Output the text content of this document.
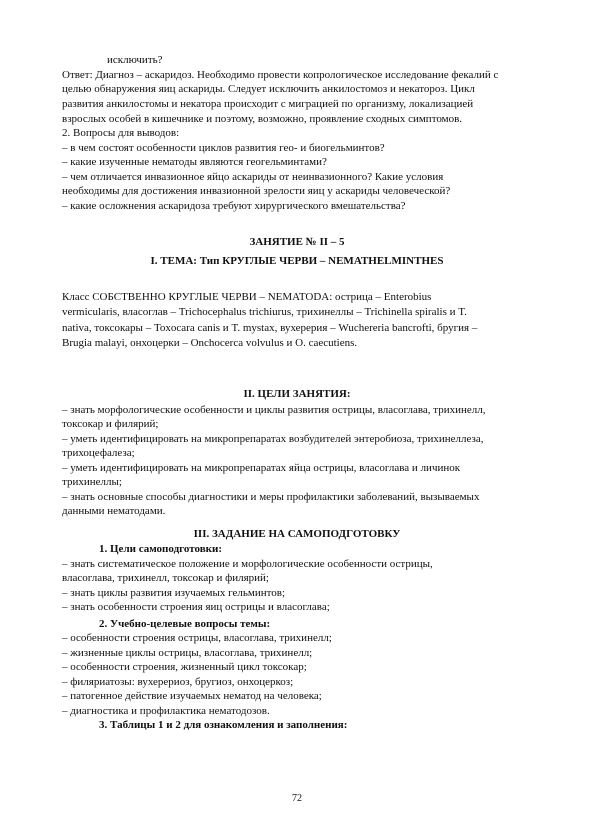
исключить?
Ответ: Диагноз – аскаридоз. Необходимо провести копрологическое исследование фекалий с
целью обнаружения яиц аскариды. Следует исключить анкилостомоз и некатороз. Цикл
развития анкилостомы и некатора происходит с миграцией по организму, локализацией
взрослых особей в кишечнике и поэтому, возможно, проявление сходных симптомов.
2. Вопросы для выводов:
– в чем состоят особенности циклов развития гео- и биогельминтов?
– какие изученные нематоды являются геогельминтами?
– чем отличается инвазионное яйцо аскариды от неинвазионного? Какие условия
необходимы для достижения инвазионной зрелости яиц у аскариды человеческой?
– какие осложнения аскаридоза требуют хирургического вмешательства?
ЗАНЯТИЕ № II – 5
I. ТЕМА: Тип КРУГЛЫЕ ЧЕРВИ – NEMATHELMINTHES
Класс СОБСТВЕННО КРУГЛЫЕ ЧЕРВИ – NEMATODA: острица – Enterobius
vermicularis, власоглав – Trichocephalus trichiurus, трихинеллы – Trichinella spiralis и T.
nativa, токсокары – Toxocara canis и T. mystax, вухерерия – Wuchereria bancrofti, бругия –
Brugia malayi, онхоцерки – Onchocerca volvulus и O. caecutiens.
II. ЦЕЛИ ЗАНЯТИЯ:
– знать морфологические особенности и циклы развития острицы, власоглава, трихинелл,
токсокар и филярий;
– уметь идентифицировать на микропрепаратах возбудителей энтеробиоза, трихинеллеза,
трихоцефалеза;
– уметь идентифицировать на микропрепаратах яйца острицы, власоглава и личинок
трихинеллы;
– знать основные способы диагностики и меры профилактики заболеваний, вызываемых
данными нематодами.
III. ЗАДАНИЕ НА САМОПОДГОТОВКУ
1. Цели самоподготовки:
– знать систематическое положение и морфологические особенности острицы,
власоглава, трихинелл, токсокар и филярий;
– знать циклы развития изучаемых гельминтов;
– знать особенности строения яиц острицы и власоглава;
2. Учебно-целевые вопросы темы:
– особенности строения острицы, власоглава, трихинелл;
– жизненные циклы острицы, власоглава, трихинелл;
– особенности строения, жизненный цикл токсокар;
– филяриатозы: вухерериоз, бругиоз, онхоцеркоз;
– патогенное действие изучаемых нематод на человека;
– диагностика и профилактика нематодозов.
3. Таблицы 1 и 2 для ознакомления и заполнения:
72
